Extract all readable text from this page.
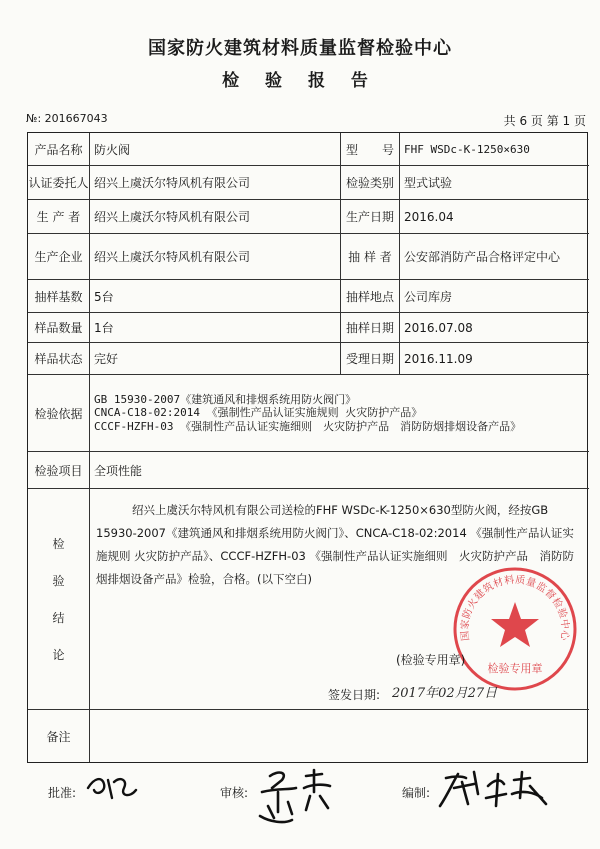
国家防火建筑材料质量监督检验中心
检 验 报 告
№: 201667043	共 6 页 第 1 页
产品名称 防火阀	型　　号 FHF WSDc-K-1250×630
认证委托人 绍兴上虞沃尔特风机有限公司	检验类别 型式试验
生 产 者	绍兴上虞沃尔特风机有限公司	生产日期 2016.04
生产企业 绍兴上虞沃尔特风机有限公司	抽 样 者	公安部消防产品合格评定中心
抽样基数 5台	抽样地点 公司库房
样品数量 1台	抽样日期 2016.07.08
样品状态 完好	受理日期 2016.11.09
检验依据
GB 15930-2007《建筑通风和排烟系统用防火阀门》
CNCA-C18-02:2014 《强制性产品认证实施规则 火灾防护产品》
CCCF-HZFH-03 《强制性产品认证实施细则　火灾防护产品　消防防烟排烟设备产品》
检验项目 全项性能
检
验
结
论
绍兴上虞沃尔特风机有限公司送检的FHF WSDc-K-1250×630型防火阀，经按GB 15930-2007《建筑通风和排烟系统用防火阀门》、CNCA-C18-02:2014 《强制性产品认证实施规则 火灾防护产品》、CCCF-HZFH-03 《强制性产品认证实施细则　火灾防护产品　消防防烟排烟设备产品》检验，合格。(以下空白)
国家防火建筑材料质量监督检验中心
检验专用章
(检验专用章)
签发日期: 2017年02月27日
备注
批准:	审核:	编制:
